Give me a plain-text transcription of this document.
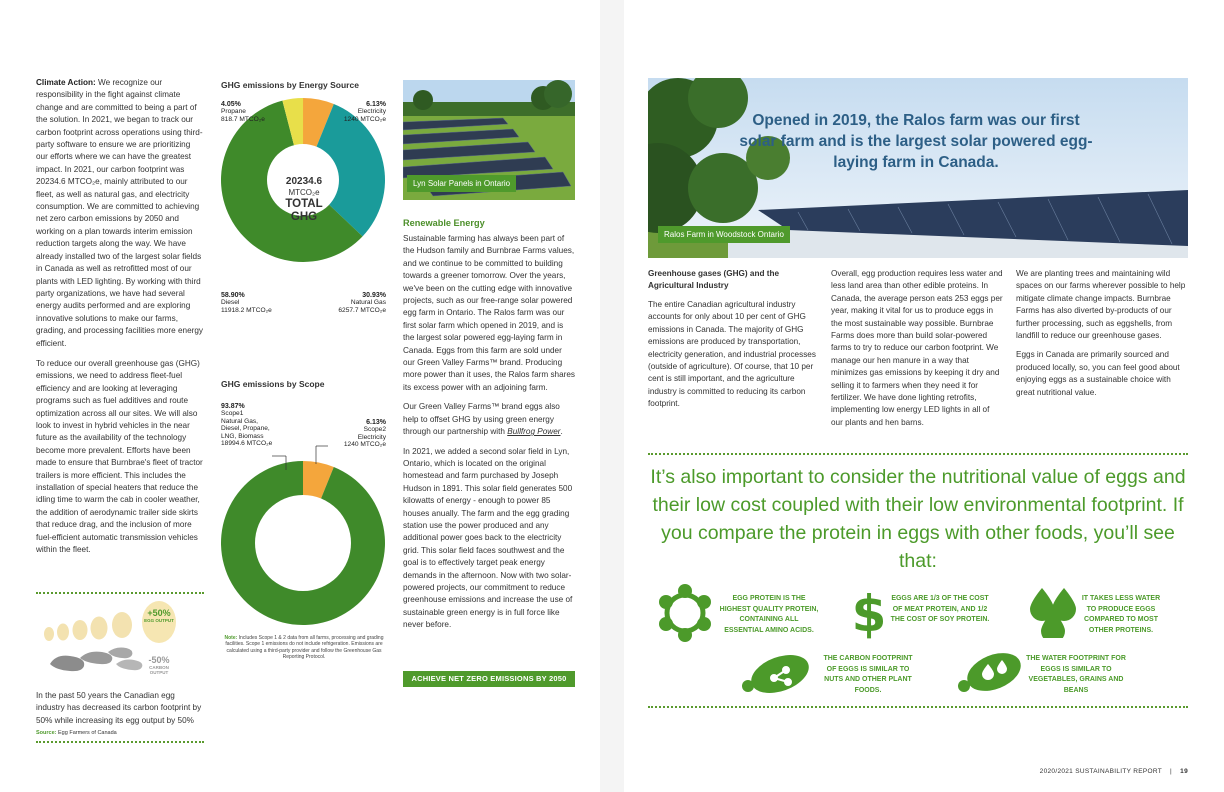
Climate Action: We recognize our responsibility in the fight against climate change and are committed to being a part of the solution. In 2021, we began to track our carbon footprint across operations using third-party software to ensure we are prioritizing our efforts where we can have the greatest impact. In 2021, our carbon footprint was 20234.6 MTCO₂e, mainly attributed to our fleet, as well as natural gas, and electricity consumption. We are committed to achieving net zero carbon emissions by 2050 and working on a plan towards interim emission reduction targets along the way. We have already installed two of the largest solar fields in Canada as well as retrofitted most of our plants with LED lighting. By working with third party organizations, we have had several energy audits performed and are exploring innovative solutions to make our farms, grading, and processing facilities more energy efficient.

To reduce our overall greenhouse gas (GHG) emissions, we need to address fleet-fuel efficiency and are looking at leveraging programs such as fuel additives and route optimization across all our sites. We will also look to invest in hybrid vehicles in the near future as the availability of the technology become more prevalent. Efforts have been made to ensure that Burnbrae's fleet of tractor trailers is more efficient. This includes the installation of special heaters that reduce the idling time to warm the cab in cooler weather, the addition of aerodynamic trailer side skirts that reduce drag, and the inclusion of more fuel-efficient automatic transmission vehicles within the fleet.

+50%
EGG OUTPUT
-50%
CARBON OUTPUT

In the past 50 years the Canadian egg industry has decreased its carbon footprint by 50% while increasing its egg output by 50%

Source: Egg Farmers of Canada

GHG emissions by Energy Source
20234.6
MTCO₂e
TOTAL
GHG
4.05%
Propane
818.7 MTCO₂e
6.13%
Electricity
1240 MTCO₂e
58.90%
Diesel
11918.2 MTCO₂e
30.93%
Natural Gas
6257.7 MTCO₂e
GHG emissions by Scope
93.87%
Scope1
Natural Gas,
Diesel, Propane,
LNG, Biomass
18994.6 MTCO₂e
6.13%
Scope2
Electricity
1240 MTCO₂e

Note: Includes Scope 1 & 2 data from all farms, processing and grading facilities. Scope 1 emissions do not include refrigeration. Emissions are calculated using a third-party provider and follow the Greenhouse Gas Reporting Protocol.

Lyn Solar Panels in Ontario
Renewable Energy

Sustainable farming has always been part of the Hudson family and Burnbrae Farms values, and we continue to be committed to building towards a greener tomorrow. Over the years, we've been on the cutting edge with innovative projects, such as our free-range solar powered egg farm in Ontario. The Ralos farm was our first solar farm which opened in 2019, and is the largest solar powered egg-laying farm in Canada. Eggs from this farm are sold under our Green Valley Farms™ brand. Producing more power than it uses, the Ralos farm shares its excess power with an adjoining farm.

Our Green Valley Farms™ brand eggs also help to offset GHG by using green energy through our partnership with Bullfrog Power.

In 2021, we added a second solar field in Lyn, Ontario, which is located on the original homestead and farm purchased by Joseph Hudson in 1891. This solar field generates 500 kilowatts of energy - enough to power 85 houses anually. The farm and the egg grading station use the power produced and any additional power goes back to the electricity grid. This solar field faces southwest and the goal is to effectively target peak energy demands in the afternoon. Now with two solar-powered projects, our commitment to reduce greenhouse emissions and increase the use of sustainable green energy is in full force like never before.

ACHIEVE NET ZERO EMISSIONS BY 2050
Opened in 2019, the Ralos farm was our first solar farm and is the largest solar powered egg-laying farm in Canada.
Ralos Farm in Woodstock Ontario
Greenhouse gases (GHG) and the Agricultural Industry

The entire Canadian agricultural industry accounts for only about 10 per cent of GHG emissions in Canada. The majority of GHG emissions are produced by transportation, electricity generation, and industrial processes (outside of agriculture). Of course, that 10 per cent is still important, and the agriculture industry is committed to reducing its carbon footprint.

Overall, egg production requires less water and less land area than other edible proteins. In Canada, the average person eats 253 eggs per year, making it vital for us to produce eggs in the most sustainable way possible. Burnbrae Farms does more than build solar-powered farms to try to reduce our carbon footprint. We manage our hen manure in a way that minimizes gas emissions by keeping it dry and selling it to farmers when they need it for fertilizer. We have done lighting retrofits, implementing low energy LED lights in all of our plants and hen barns.

We are planting trees and maintaining wild spaces on our farms wherever possible to help mitigate climate change impacts. Burnbrae Farms has also diverted by-products of our further processing, such as eggshells, from landfill to reduce our greenhouse gases.

Eggs in Canada are primarily sourced and produced locally, so, you can feel good about enjoying eggs as a sustainable choice with great nutritional value.

It’s also important to consider the nutritional value of eggs and their low cost coupled with their low environmental footprint. If you compare the protein in eggs with other foods, you’ll see that:
EGG PROTEIN IS THE HIGHEST QUALITY PROTEIN, CONTAINING ALL ESSENTIAL AMINO ACIDS. $ EGGS ARE 1/3 OF THE COST OF MEAT PROTEIN, AND 1/2 THE COST OF SOY PROTEIN.
IT TAKES LESS WATER TO PRODUCE EGGS COMPARED TO MOST OTHER PROTEINS.
THE CARBON FOOTPRINT OF EGGS IS SIMILAR TO NUTS AND OTHER PLANT FOODS.
THE WATER FOOTPRINT FOR EGGS IS SIMILAR TO VEGETABLES, GRAINS AND BEANS
2020/2021 SUSTAINABILITY REPORT | 19
